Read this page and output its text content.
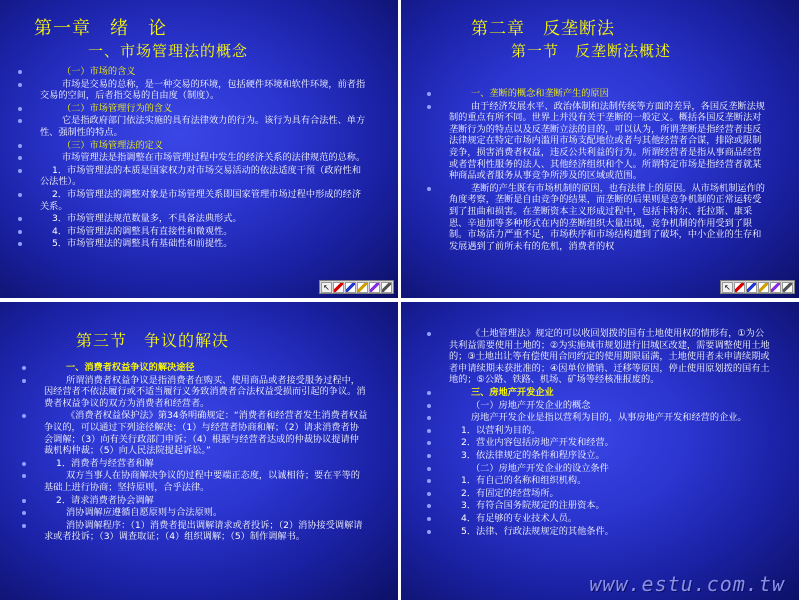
第一章　绪　论
一、市场管理法的概念
（一）市场的含义
市场是交易的总称，是一种交易的环境，包括硬件环境和软件环境，前者指交易的空间，后者指交易的自由度（制度）。
（二）市场管理行为的含义
它是指政府部门依法实施的具有法律效力的行为。该行为具有合法性、单方性、强制性的特点。
（三）市场管理法的定义
市场管理法是指调整在市场管理过程中发生的经济关系的法律规范的总称。
1．市场管理法的本质是国家权力对市场交易活动的依法适度干预（政府性和公法性）。
2．市场管理法的调整对象是市场管理关系即国家管理市场过程中形成的经济关系。
3．市场管理法规范数量多，不具备法典形式。
4．市场管理法的调整具有直接性和微观性。
5．市场管理法的调整具有基础性和前提性。
↖
第二章　反垄断法
第一节　反垄断法概述
一、垄断的概念和垄断产生的原因
由于经济发展水平、政治体制和法制传统等方面的差异，各国反垄断法规制的重点有所不同。世界上并没有关于垄断的一般定义。概括各国反垄断法对垄断行为的特点以及反垄断立法的目的，可以认为，所谓垄断是指经营者违反法律规定在特定市场内滥用市场支配地位或者与其他经营者合谋，排除或限制竞争，损害消费者权益，违反公共利益的行为。所谓经营者是指从事商品经营或者营利性服务的法人、其他经济组织和个人。所谓特定市场是指经营者就某种商品或者服务从事竞争所涉及的区域或范围。
垄断的产生既有市场机制的原因，也有法律上的原因。从市场机制运作的角度考察，垄断是自由竞争的结果，而垄断的后果则是竞争机制的正常运转受到了扭曲和损害。在垄断资本主义形成过程中，包括卡特尔、托拉斯、康采恩、辛迪加等多种形式在内的垄断组织大量出现，竞争机制的作用受到了限制。市场活力严重不足，市场秩序和市场结构遭到了破坏，中小企业的生存和发展遇到了前所未有的危机，消费者的权
↖
第三节　争议的解决
一、消费者权益争议的解决途径
所谓消费者权益争议是指消费者在购买、使用商品或者接受服务过程中，因经营者不依法履行或不适当履行义务致消费者合法权益受损而引起的争议。消费者权益争议的双方为消费者和经营者。
《消费者权益保护法》第34条明确规定：“消费者和经营者发生消费者权益争议的，可以通过下列途径解决：（1）与经营者协商和解；（2）请求消费者协会调解；（3）向有关行政部门申诉；（4）根据与经营者达成的仲裁协议提请仲裁机构仲裁；（5）向人民法院提起诉讼。”
1．消费者与经营者和解
双方当事人在协商解决争议的过程中要端正态度，以诚相待；要在平等的基础上进行协商；坚持原则，合乎法律。
2．请求消费者协会调解
消协调解应遵循自愿原则与合法原则。
消协调解程序：（1）消费者提出调解请求或者投诉；（2）消协接受调解请求或者投诉；（3）调查取证；（4）组织调解；（5）制作调解书。
《土地管理法》规定的可以收回划拨的国有土地使用权的情形有，①为公共利益需要使用土地的；②为实施城市规划进行旧城区改建，需要调整使用土地的；③土地出让等有偿使用合同约定的使用期限届满，土地使用者未申请续期或者申请续期未获批准的；④因单位撤销、迁移等原因，停止使用原划拨的国有土地的；⑤公路、铁路、机场、矿场等经核准报废的。
三、房地产开发企业
（一）房地产开发企业的概念
房地产开发企业是指以营利为目的，从事房地产开发和经营的企业。
1．以营利为目的。
2．营业内容包括房地产开发和经营。
3．依法律规定的条件和程序设立。
（二）房地产开发企业的设立条件
1．有自己的名称和组织机构。
2．有固定的经营场所。
3．有符合国务院规定的注册资本。
4．有足够的专业技术人员。
5．法律、行政法规规定的其他条件。
www.estu.com.tw
